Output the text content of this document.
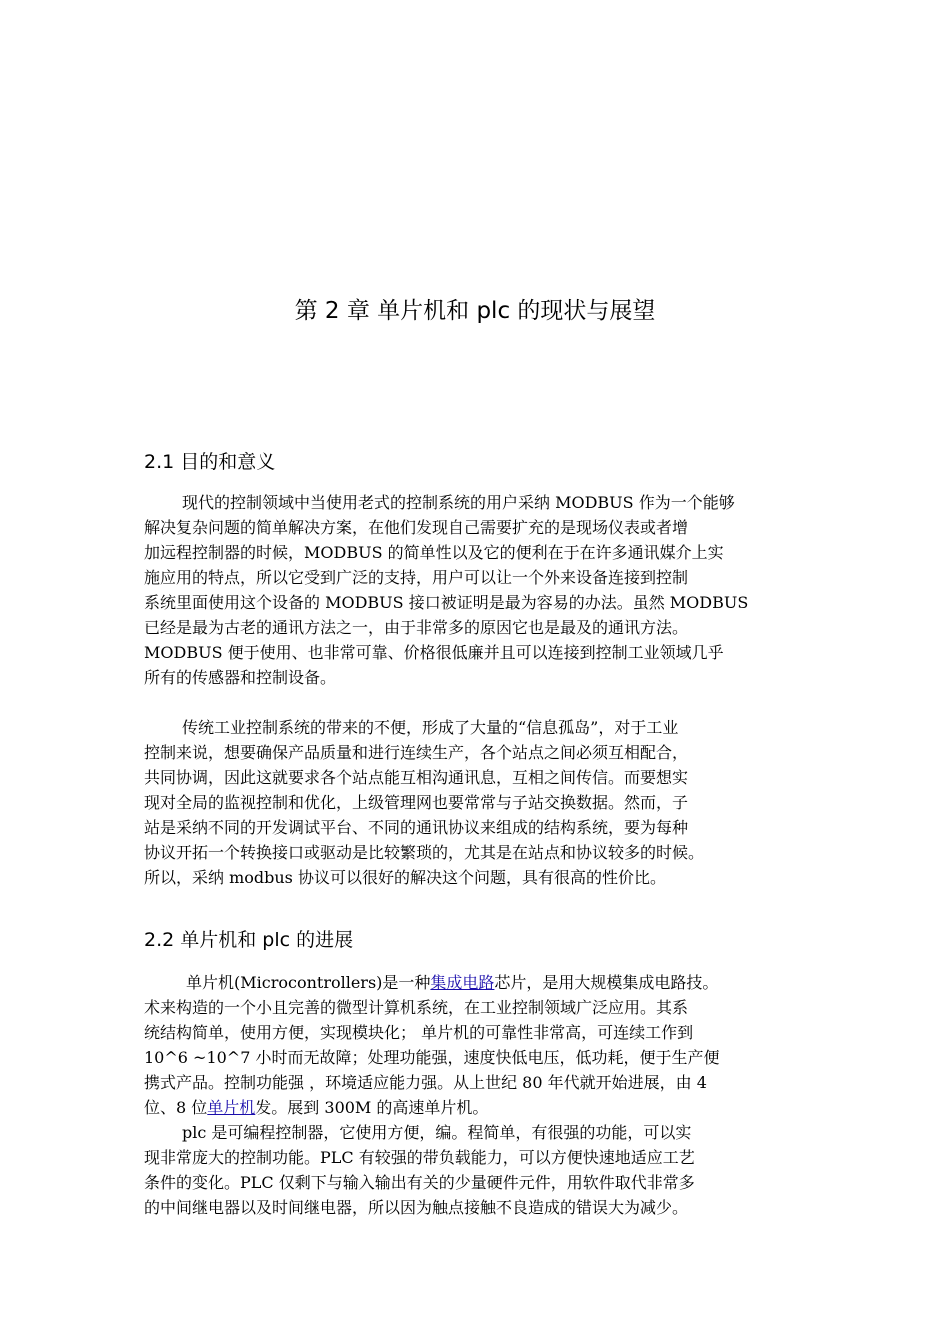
第 2 章 单片机和 plc 的现状与展望
2.1 目的和意义
现代的控制领域中当使用老式的控制系统的用户采纳 MODBUS 作为一个能够
解决复杂问题的简单解决方案，在他们发现自己需要扩充的是现场仪表或者增
加远程控制器的时候，MODBUS 的简单性以及它的便利在于在许多通讯媒介上实
施应用的特点，所以它受到广泛的支持，用户可以让一个外来设备连接到控制
系统里面使用这个设备的 MODBUS 接口被证明是最为容易的办法。虽然 MODBUS
已经是最为古老的通讯方法之一，由于非常多的原因它也是最及的通讯方法。
MODBUS 便于使用、也非常可靠、价格很低廉并且可以连接到控制工业领域几乎
所有的传感器和控制设备。
传统工业控制系统的带来的不便，形成了大量的“信息孤岛”，对于工业
控制来说，想要确保产品质量和进行连续生产，各个站点之间必须互相配合，
共同协调，因此这就要求各个站点能互相沟通讯息，互相之间传信。而要想实
现对全局的监视控制和优化，上级管理网也要常常与子站交换数据。然而，子
站是采纳不同的开发调试平台、不同的通讯协议来组成的结构系统，要为每种
协议开拓一个转换接口或驱动是比较繁琐的，尤其是在站点和协议较多的时候。
所以，采纳 modbus 协议可以很好的解决这个问题，具有很高的性价比。
2.2 单片机和 plc 的进展
单片机(Microcontrollers)是一种集成电路芯片，是用大规模集成电路技。
术来构造的一个小且完善的微型计算机系统，在工业控制领域广泛应用。其系
统结构简单，使用方便，实现模块化； 单片机的可靠性非常高，可连续工作到
10^6 ~10^7 小时而无故障；处理功能强，速度快低电压，低功耗，便于生产便
携式产品。控制功能强 ，环境适应能力强。从上世纪 80 年代就开始进展，由 4
位、8 位单片机发。展到 300M 的高速单片机。
plc 是可编程控制器，它使用方便，编。程简单，有很强的功能，可以实
现非常庞大的控制功能。PLC 有较强的带负载能力，可以方便快速地适应工艺
条件的变化。PLC 仅剩下与输入输出有关的少量硬件元件，用软件取代非常多
的中间继电器以及时间继电器，所以因为触点接触不良造成的错误大为减少。
